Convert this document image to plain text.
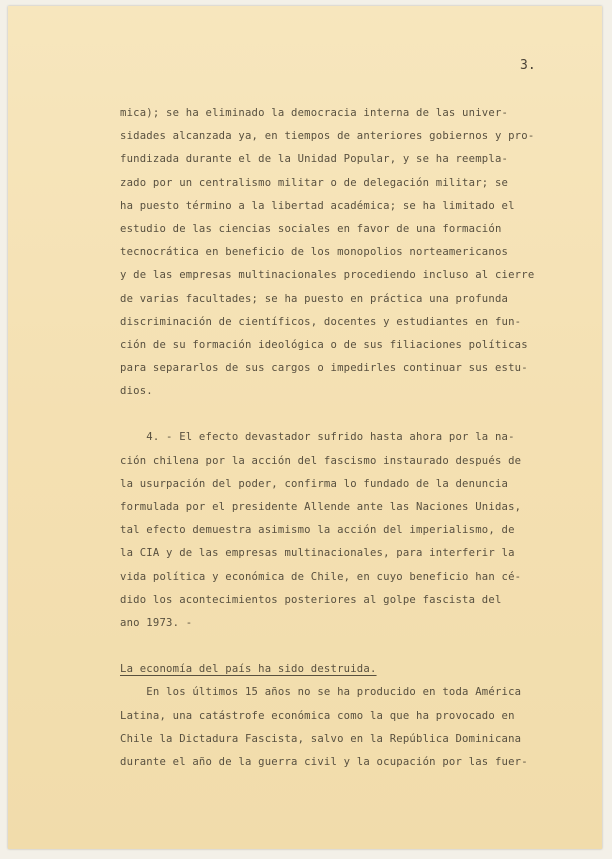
3.
mica); se ha eliminado la democracia interna de las univer-
sidades alcanzada ya, en tiempos de anteriores gobiernos y pro-
fundizada durante el de la Unidad Popular, y se ha reempla-
zado por un centralismo militar o de delegación militar; se
ha puesto término a la libertad académica; se ha limitado el
estudio de las ciencias sociales en favor de una formación
tecnocrática en beneficio de los monopolios norteamericanos
y de las empresas multinacionales procediendo incluso al cierre
de varias facultades; se ha puesto en práctica una profunda
discriminación de científicos, docentes y estudiantes en fun-
ción de su formación ideológica o de sus filiaciones políticas
para separarlos de sus cargos o impedirles continuar sus estu-
dios.
4. - El efecto devastador sufrido hasta ahora por la na-
ción chilena por la acción del fascismo instaurado después de
la usurpación del poder, confirma lo fundado de la denuncia
formulada por el presidente Allende ante las Naciones Unidas,
tal efecto demuestra asimismo la acción del imperialismo, de
la CIA y de las empresas multinacionales, para interferir la
vida política y económica de Chile, en cuyo beneficio han cé-
dido los acontecimientos posteriores al golpe fascista del
ano 1973. -
La economía del país ha sido destruida.
En los últimos 15 años no se ha producido en toda América
Latina, una catástrofe económica como la que ha provocado en
Chile la Dictadura Fascista, salvo en la República Dominicana
durante el año de la guerra civil y la ocupación por las fuer-
